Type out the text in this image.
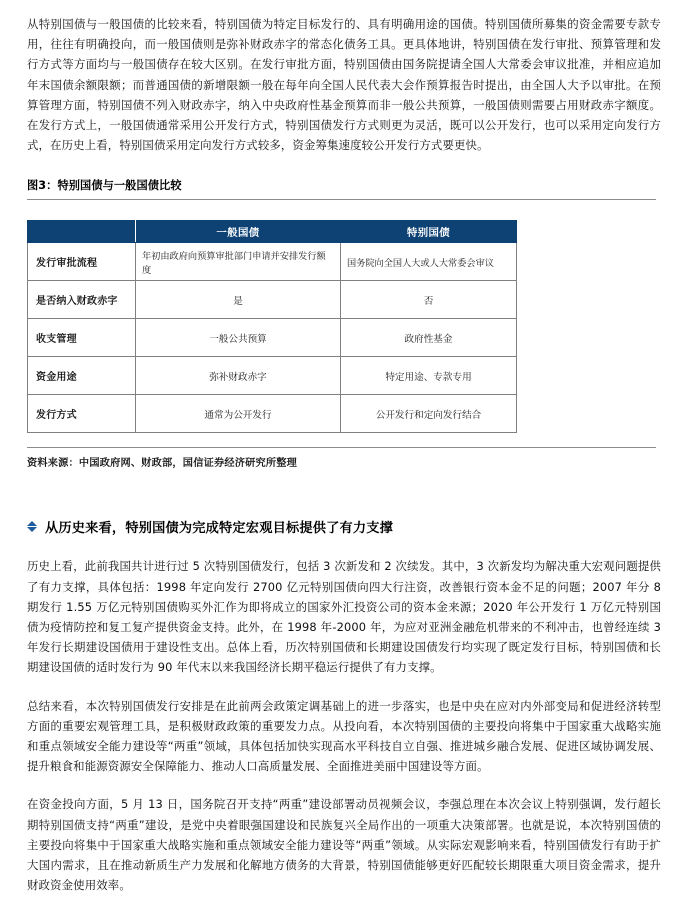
从特别国债与一般国债的比较来看，特别国债为特定目标发行的、具有明确用途的国债。特别国债所募集的资金需要专款专用，往往有明确投向，而一般国债则是弥补财政赤字的常态化债务工具。更具体地讲，特别国债在发行审批、预算管理和发行方式等方面均与一般国债存在较大区别。在发行审批方面，特别国债由国务院提请全国人大常委会审议批准，并相应追加年末国债余额限额；而普通国债的新增限额一般在每年向全国人民代表大会作预算报告时提出，由全国人大予以审批。在预算管理方面，特别国债不列入财政赤字，纳入中央政府性基金预算而非一般公共预算，一般国债则需要占用财政赤字额度。在发行方式上，一般国债通常采用公开发行方式，特别国债发行方式则更为灵活，既可以公开发行，也可以采用定向发行方式，在历史上看，特别国债采用定向发行方式较多，资金筹集速度较公开发行方式要更快。

图3：特别国债与一般国债比较
	一般国债	特别国债
发行审批流程	年初由政府向预算审批部门申请并安排发行额度	国务院向全国人大或人大常委会审议
是否纳入财政赤字	是	否
收支管理	一般公共预算	政府性基金
资金用途	弥补财政赤字	特定用途、专款专用
发行方式	通常为公开发行	公开发行和定向发行结合
资料来源：中国政府网、财政部，国信证券经济研究所整理
从历史来看，特别国债为完成特定宏观目标提供了有力支撑

历史上看，此前我国共计进行过 5 次特别国债发行，包括 3 次新发和 2 次续发。其中，3 次新发均为解决重大宏观问题提供了有力支撑，具体包括：1998 年定向发行 2700 亿元特别国债向四大行注资，改善银行资本金不足的问题；2007 年分 8 期发行 1.55 万亿元特别国债购买外汇作为即将成立的国家外汇投资公司的资本金来源；2020 年公开发行 1 万亿元特别国债为疫情防控和复工复产提供资金支持。此外，在 1998 年-2000 年，为应对亚洲金融危机带来的不利冲击，也曾经连续 3 年发行长期建设国债用于建设性支出。总体上看，历次特别国债和长期建设国债发行均实现了既定发行目标，特别国债和长期建设国债的适时发行为 90 年代末以来我国经济长期平稳运行提供了有力支撑。

总结来看，本次特别国债发行安排是在此前两会政策定调基础上的进一步落实，也是中央在应对内外部变局和促进经济转型方面的重要宏观管理工具，是积极财政政策的重要发力点。从投向看，本次特别国债的主要投向将集中于国家重大战略实施和重点领域安全能力建设等“两重”领域，具体包括加快实现高水平科技自立自强、推进城乡融合发展、促进区域协调发展、提升粮食和能源资源安全保障能力、推动人口高质量发展、全面推进美丽中国建设等方面。

在资金投向方面，5 月 13 日，国务院召开支持“两重”建设部署动员视频会议，李强总理在本次会议上特别强调，发行超长期特别国债支持“两重”建设，是党中央着眼强国建设和民族复兴全局作出的一项重大决策部署。也就是说，本次特别国债的主要投向将集中于国家重大战略实施和重点领域安全能力建设等“两重”领域。从实际宏观影响来看，特别国债发行有助于扩大国内需求，且在推动新质生产力发展和化解地方债务的大背景，特别国债能够更好匹配较长期限重大项目资金需求，提升财政资金使用效率。
